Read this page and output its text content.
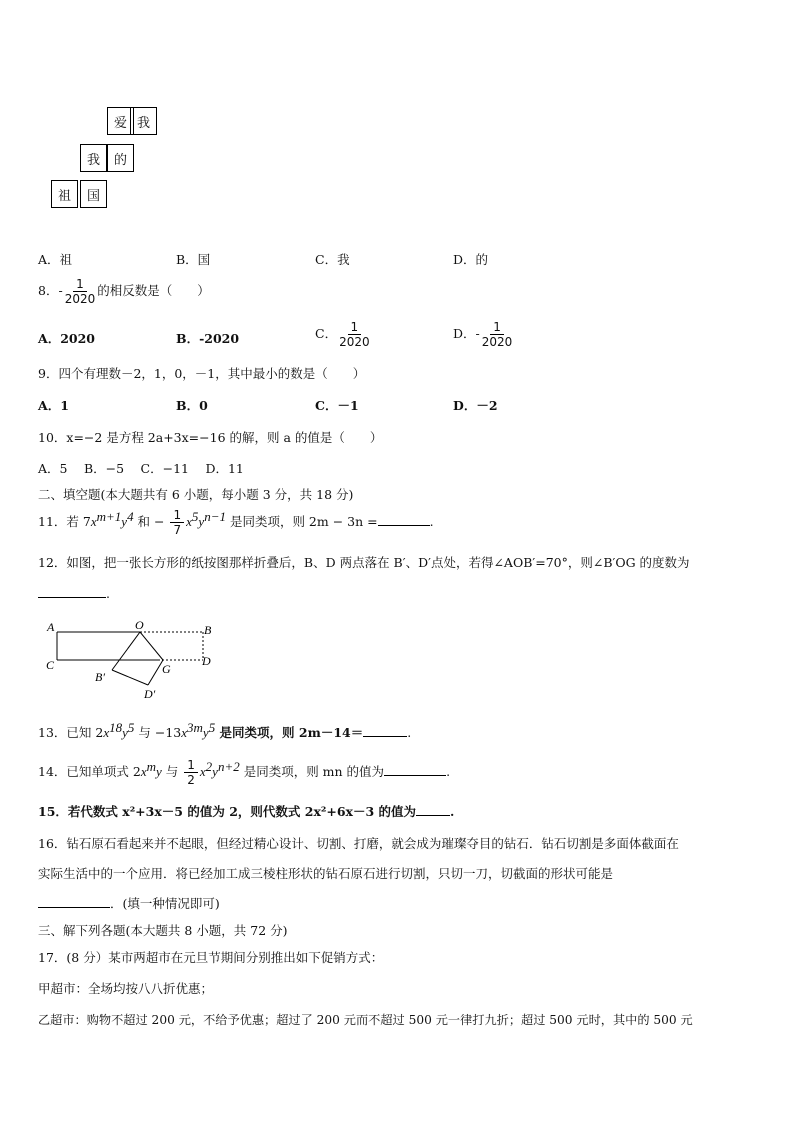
爱 我
我 的
祖 国
A．祖	B．国	C．我	D．的
8．- $\frac{1}{2020}$ 的相反数是（　　）
A．2020	B．-2020	C． $\frac{1}{2020}$	D．- $\frac{1}{2020}$
9．四个有理数－2，1，0，－1，其中最小的数是（　　）
A．1	B．0	C．－1	D．－2
10．x=−2 是方程 2a+3x=−16 的解，则 a 的值是（　　）
A．5　 B．−5　 C．−11　 D．11
二、填空题(本大题共有 6 小题，每小题 3 分，共 18 分)
11．若 $7x^{m+1}y^4$ 和 − $\frac{1}{7} x^5y^{n-1}$ 是同类项，则 2m − 3n =	.
12．如图，把一张长方形的纸按图那样折叠后，B、D 两点落在 B′、D′点处，若得∠AOB′=70°，则∠B′OG 的度数为
.
A	O	B
C	G
D
B′
D′
13．已知 $2x^{18}y^5$ 与 $-13x^{3m}y^5$ 是同类项，则 2m－14＝	.
14．已知单项式 $2x^my$ 与 $\frac{1}{2} x^2y^{n+2}$ 是同类项，则 mn 的值为	.
15．若代数式 x²+3x－5 的值为 2，则代数式 2x²+6x－3 的值为	.
16．钻石原石看起来并不起眼，但经过精心设计、切割、打磨，就会成为璀璨夺目的钻石．钻石切割是多面体截面在
实际生活中的一个应用．将已经加工成三棱柱形状的钻石原石进行切割，只切一刀，切截面的形状可能是
．(填一种情况即可)
三、解下列各题(本大题共 8 小题，共 72 分)
17．(8 分）某市两超市在元旦节期间分别推出如下促销方式：
甲超市：全场均按八八折优惠；
乙超市：购物不超过 200 元，不给予优惠；超过了 200 元而不超过 500 元一律打九折；超过 500 元时，其中的 500 元
